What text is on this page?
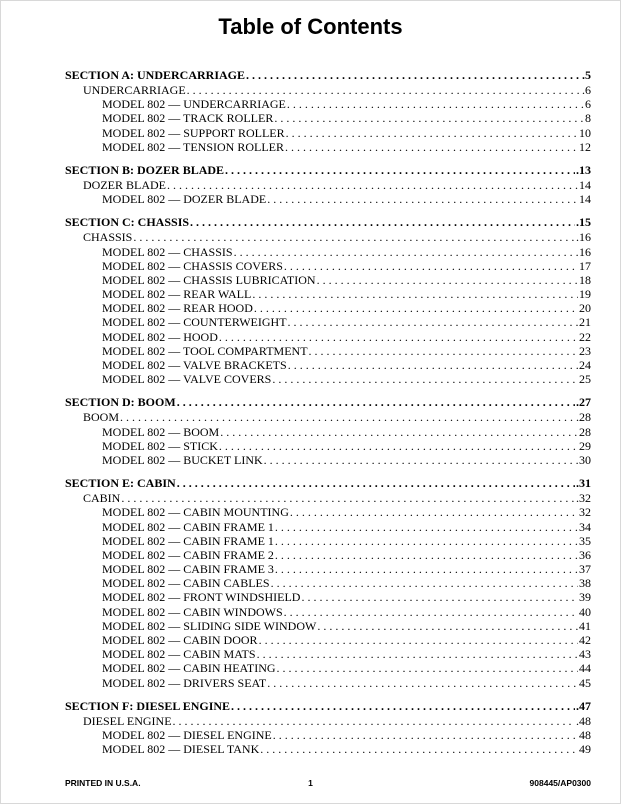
Table of Contents
SECTION A: UNDERCARRIAGE . . .	.5
UNDERCARRIAGE . . .	.6
MODEL 802 — UNDERCARRIAGE . . .	6
MODEL 802 — TRACK ROLLER . . .	8
MODEL 802 — SUPPORT ROLLER . . .	10
MODEL 802 — TENSION ROLLER . . .	12
SECTION B: DOZER BLADE . . .	.13
DOZER BLADE . . .	14
MODEL 802 — DOZER BLADE . . .	14
SECTION C: CHASSIS . . .	.15
CHASSIS . . .	.16
MODEL 802 — CHASSIS . . .	16
MODEL 802 — CHASSIS COVERS . . .	17
MODEL 802 — CHASSIS LUBRICATION . . .	18
MODEL 802 — REAR WALL . . .	19
MODEL 802 — REAR HOOD . . .	20
MODEL 802 — COUNTERWEIGHT . . .	21
MODEL 802 — HOOD . . .	22
MODEL 802 — TOOL COMPARTMENT . . .	23
MODEL 802 — VALVE BRACKETS . . .	24
MODEL 802 — VALVE COVERS . . .	25
SECTION D: BOOM . . .	.27
BOOM . . .	.28
MODEL 802 — BOOM . . .	28
MODEL 802 — STICK . . .	29
MODEL 802 — BUCKET LINK . . .	30
SECTION E: CABIN . . .	.31
CABIN . . .	.32
MODEL 802 — CABIN MOUNTING . . .	32
MODEL 802 — CABIN FRAME 1 . . .	34
MODEL 802 — CABIN FRAME 1 . . .	35
MODEL 802 — CABIN FRAME 2 . . .	36
MODEL 802 — CABIN FRAME 3 . . .	37
MODEL 802 — CABIN CABLES . . .	38
MODEL 802 — FRONT WINDSHIELD . . .	39
MODEL 802 — CABIN WINDOWS . . .	40
MODEL 802 — SLIDING SIDE WINDOW . . .	41
MODEL 802 — CABIN DOOR . . .	42
MODEL 802 — CABIN MATS . . .	43
MODEL 802 — CABIN HEATING . . .	44
MODEL 802 — DRIVERS SEAT . . .	45
SECTION F: DIESEL ENGINE . . .	.47
DIESEL ENGINE . . .	.48
MODEL 802 — DIESEL ENGINE . . .	48
MODEL 802 — DIESEL TANK . . .	49
PRINTED IN U.S.A.	1	908445/AP0300
